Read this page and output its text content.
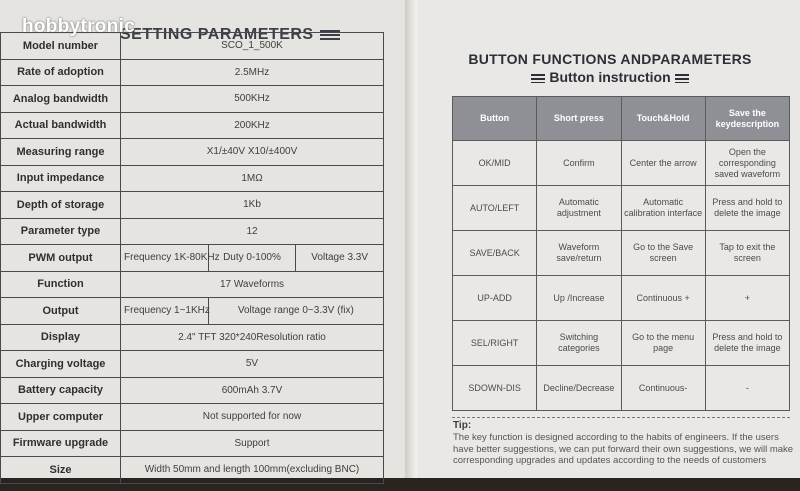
SETTING PARAMETERS
Model number	SCO_1_500K		
Rate of adoption	2.5MHz		
Analog bandwidth	500KHz		
Actual bandwidth	200KHz		
Measuring range	X1/±40V X10/±400V		
Input impedance	1MΩ		
Depth of storage	1Kb		
Parameter type	12		
PWM output	Frequency 1K-80KHz	Duty 0-100%	Voltage 3.3V
Function	17 Waveforms		
Output	Frequency 1~1KHz	Voltage range 0~3.3V (fix)	
Display	2.4" TFT 320*240Resolution ratio		
Charging voltage	5V		
Battery capacity	600mAh 3.7V		
Upper computer	Not supported for now		
Firmware upgrade	Support		
Size	Width 50mm and length 100mm(excluding BNC)		
hobbytronic
BUTTON FUNCTIONS ANDPARAMETERS
Button instruction
Button	Short press	Touch&Hold	Save the keydescription
OK/MID	Confirm	Center the arrow	Open the corresponding saved waveform
AUTO/LEFT	Automatic adjustment	Automatic calibration interface	Press and hold to delete the image
SAVE/BACK	Waveform save/return	Go to the Save screen	Tap to exit the screen
UP-ADD	Up /Increase	Continuous +	+
SEL/RIGHT	Switching categories	Go to the menu page	Press and hold to delete the image
SDOWN-DIS	Decline/Decrease	Continuous-	-
Tip:
The key function is designed according to the habits of engineers. If the users have better suggestions, we can put forward their own suggestions, we will make corresponding upgrades and updates according to the needs of customers
